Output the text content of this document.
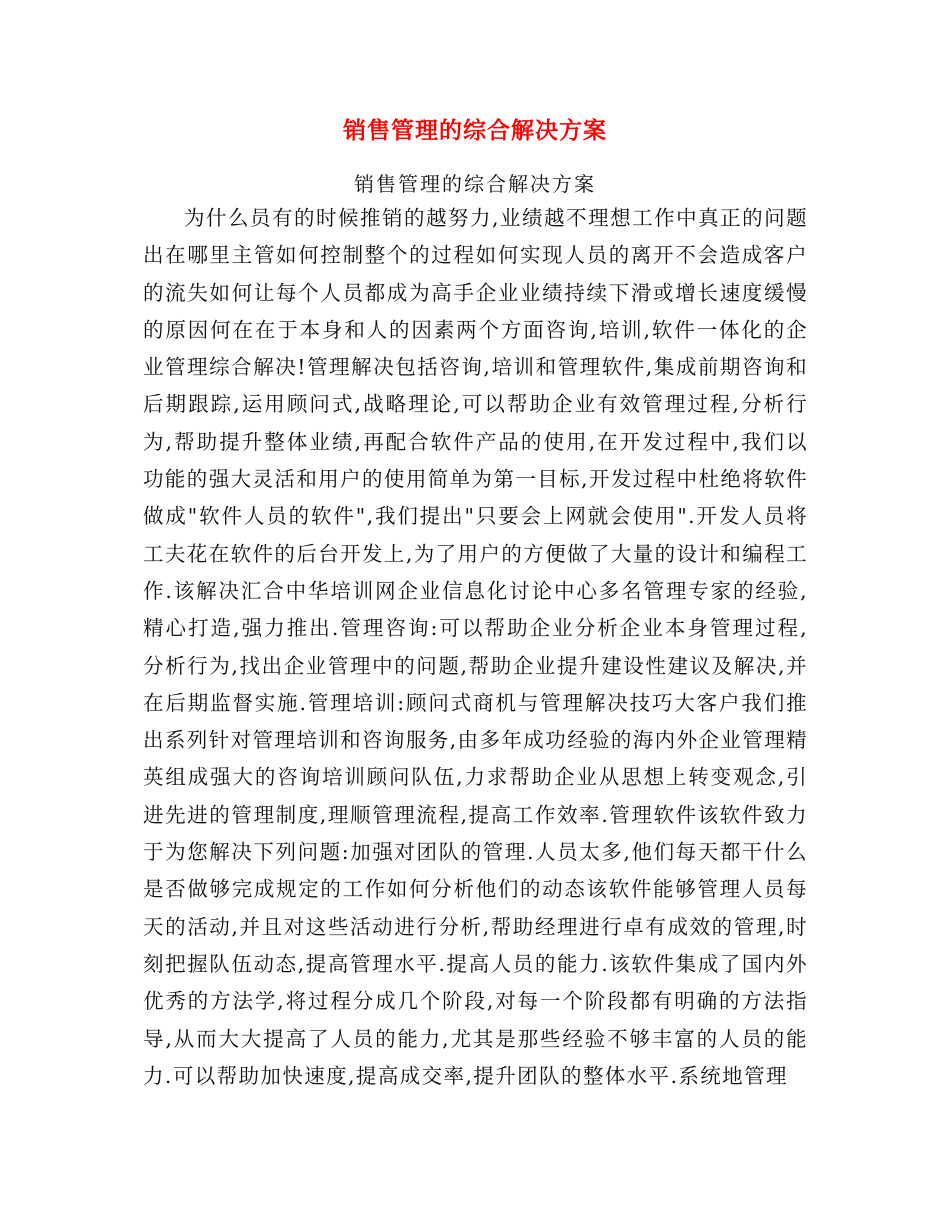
销售管理的综合解决方案

销售管理的综合解决方案

为什么员有的时候推销的越努力,业绩越不理想工作中真正的问题出在哪里主管如何控制整个的过程如何实现人员的离开不会造成客户的流失如何让每个人员都成为高手企业业绩持续下滑或增长速度缓慢的原因何在在于本身和人的因素两个方面咨询,培训,软件一体化的企业管理综合解决!管理解决包括咨询,培训和管理软件,集成前期咨询和后期跟踪,运用顾问式,战略理论,可以帮助企业有效管理过程,分析行为,帮助提升整体业绩,再配合软件产品的使用,在开发过程中,我们以功能的强大灵活和用户的使用简单为第一目标,开发过程中杜绝将软件做成"软件人员的软件",我们提出"只要会上网就会使用".开发人员将工夫花在软件的后台开发上,为了用户的方便做了大量的设计和编程工作.该解决汇合中华培训网企业信息化讨论中心多名管理专家的经验,精心打造,强力推出.管理咨询:可以帮助企业分析企业本身管理过程,分析行为,找出企业管理中的问题,帮助企业提升建设性建议及解决,并在后期监督实施.管理培训:顾问式商机与管理解决技巧大客户我们推出系列针对管理培训和咨询服务,由多年成功经验的海内外企业管理精英组成强大的咨询培训顾问队伍,力求帮助企业从思想上转变观念,引进先进的管理制度,理顺管理流程,提高工作效率.管理软件该软件致力于为您解决下列问题:加强对团队的管理.人员太多,他们每天都干什么是否做够完成规定的工作如何分析他们的动态该软件能够管理人员每天的活动,并且对这些活动进行分析,帮助经理进行卓有成效的管理,时刻把握队伍动态,提高管理水平.提高人员的能力.该软件集成了国内外优秀的方法学,将过程分成几个阶段,对每一个阶段都有明确的方法指导,从而大大提高了人员的能力,尤其是那些经验不够丰富的人员的能力.可以帮助加快速度,提高成交率,提升团队的整体水平.系统地管理
